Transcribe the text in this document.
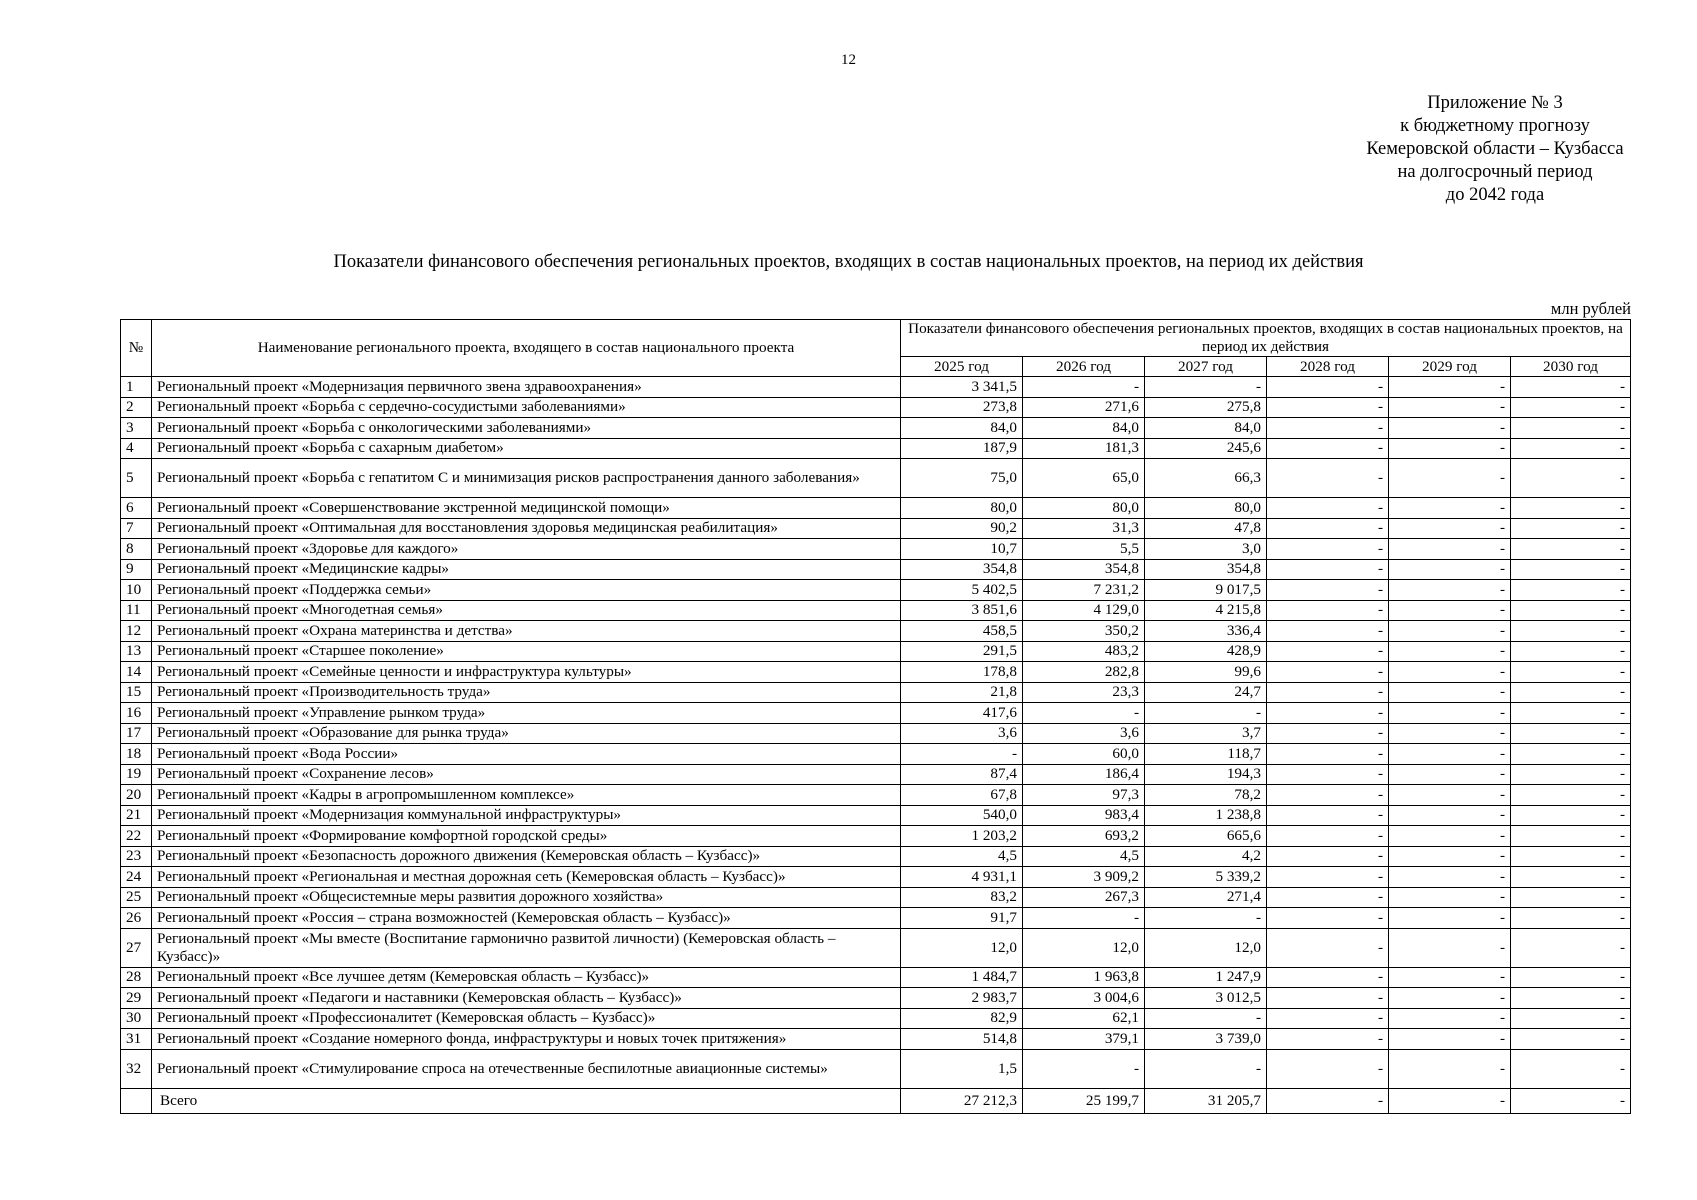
12
Приложение № 3
к бюджетному прогнозу
Кемеровской области – Кузбасса
на долгосрочный период
до 2042 года
Показатели финансового обеспечения региональных проектов, входящих в состав национальных проектов, на период их действия
млн рублей
№	Наименование регионального проекта, входящего в состав национального проекта	Показатели финансового обеспечения региональных проектов, входящих в состав национальных проектов, на период их действия					
		2025 год	2026 год	2027 год	2028 год	2029 год	2030 год
1	Региональный проект «Модернизация первичного звена здравоохранения»	3 341,5	-	-	-	-	-
2	Региональный проект «Борьба с сердечно-сосудистыми заболеваниями»	273,8	271,6	275,8	-	-	-
3	Региональный проект «Борьба с онкологическими заболеваниями»	84,0	84,0	84,0	-	-	-
4	Региональный проект «Борьба с сахарным диабетом»	187,9	181,3	245,6	-	-	-
5	Региональный проект «Борьба с гепатитом С и минимизация рисков распространения данного заболевания»	75,0	65,0	66,3	-	-	-
6	Региональный проект «Совершенствование экстренной медицинской помощи»	80,0	80,0	80,0	-	-	-
7	Региональный проект «Оптимальная для восстановления здоровья медицинская реабилитация»	90,2	31,3	47,8	-	-	-
8	Региональный проект «Здоровье для каждого»	10,7	5,5	3,0	-	-	-
9	Региональный проект «Медицинские кадры»	354,8	354,8	354,8	-	-	-
10	Региональный проект «Поддержка семьи»	5 402,5	7 231,2	9 017,5	-	-	-
11	Региональный проект «Многодетная семья»	3 851,6	4 129,0	4 215,8	-	-	-
12	Региональный проект «Охрана материнства и детства»	458,5	350,2	336,4	-	-	-
13	Региональный проект «Старшее поколение»	291,5	483,2	428,9	-	-	-
14	Региональный проект «Семейные ценности и инфраструктура культуры»	178,8	282,8	99,6	-	-	-
15	Региональный проект «Производительность труда»	21,8	23,3	24,7	-	-	-
16	Региональный проект «Управление рынком труда»	417,6	-	-	-	-	-
17	Региональный проект «Образование для рынка труда»	3,6	3,6	3,7	-	-	-
18	Региональный проект «Вода России»	-	60,0	118,7	-	-	-
19	Региональный проект «Сохранение лесов»	87,4	186,4	194,3	-	-	-
20	Региональный проект «Кадры в агропромышленном комплексе»	67,8	97,3	78,2	-	-	-
21	Региональный проект «Модернизация коммунальной инфраструктуры»	540,0	983,4	1 238,8	-	-	-
22	Региональный проект «Формирование комфортной городской среды»	1 203,2	693,2	665,6	-	-	-
23	Региональный проект «Безопасность дорожного движения (Кемеровская область – Кузбасс)»	4,5	4,5	4,2	-	-	-
24	Региональный проект «Региональная и местная дорожная сеть (Кемеровская область – Кузбасс)»	4 931,1	3 909,2	5 339,2	-	-	-
25	Региональный проект «Общесистемные меры развития дорожного хозяйства»	83,2	267,3	271,4	-	-	-
26	Региональный проект «Россия – страна возможностей (Кемеровская область – Кузбасс)»	91,7	-	-	-	-	-
27	Региональный проект «Мы вместе (Воспитание гармонично развитой личности) (Кемеровская область – Кузбасс)»	12,0	12,0	12,0	-	-	-
28	Региональный проект «Все лучшее детям (Кемеровская область – Кузбасс)»	1 484,7	1 963,8	1 247,9	-	-	-
29	Региональный проект «Педагоги и наставники (Кемеровская область – Кузбасс)»	2 983,7	3 004,6	3 012,5	-	-	-
30	Региональный проект «Профессионалитет (Кемеровская область – Кузбасс)»	82,9	62,1	-	-	-	-
31	Региональный проект «Создание номерного фонда, инфраструктуры и новых точек притяжения»	514,8	379,1	3 739,0	-	-	-
32	Региональный проект «Стимулирование спроса на отечественные беспилотные авиационные системы»	1,5	-	-	-	-	-
	Всего	27 212,3	25 199,7	31 205,7	-	-	-
